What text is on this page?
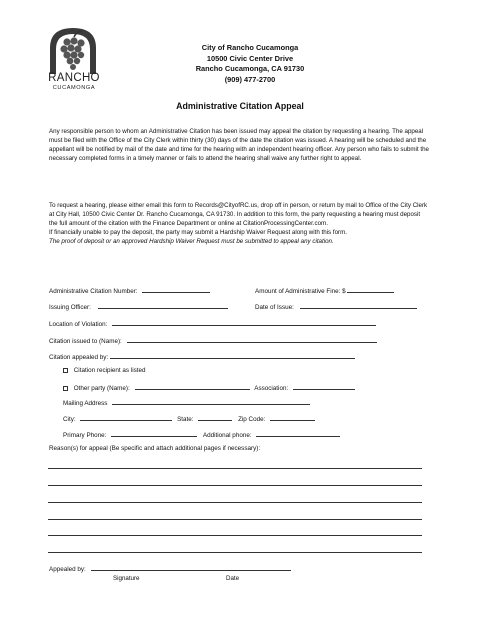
RANCHO
CUCAMONGA
City of Rancho Cucamonga
10500 Civic Center Drive
Rancho Cucamonga, CA 91730
(909) 477-2700
Administrative Citation Appeal
Any responsible person to whom an Administrative Citation has been issued may appeal the citation by requesting a hearing. The appeal must be filed with the Office of the City Clerk within thirty (30) days of the date the citation was issued. A hearing will be scheduled and the appellant will be notified by mail of the date and time for the hearing with an independent hearing officer. Any person who fails to submit the necessary completed forms in a timely manner or fails to attend the hearing shall waive any further right to appeal.
To request a hearing, please either email this form to Records@CityofRC.us, drop off in person, or return by mail to Office of the City Clerk at City Hall, 10500 Civic Center Dr. Rancho Cucamonga, CA 91730. In addition to this form, the party requesting a hearing must deposit the full amount of the citation with the Finance Department or online at CitationProcessingCenter.com.
If financially unable to pay the deposit, the party may submit a Hardship Waiver Request along with this form.
The proof of deposit or an approved Hardship Waiver Request must be submitted to appeal any citation.
Administrative Citation Number:	Amount of Administrative Fine: $
Issuing Officer:	Date of Issue:
Location of Violation:
Citation issued to (Name):
Citation appealed by:
Citation recipient as listed
Other party (Name):	Association:
Mailing Address
City:	State:	Zip Code:
Primary Phone:	Additional phone:
Reason(s) for appeal (Be specific and attach additional pages if necessary):
Appealed by:
Signature	Date
